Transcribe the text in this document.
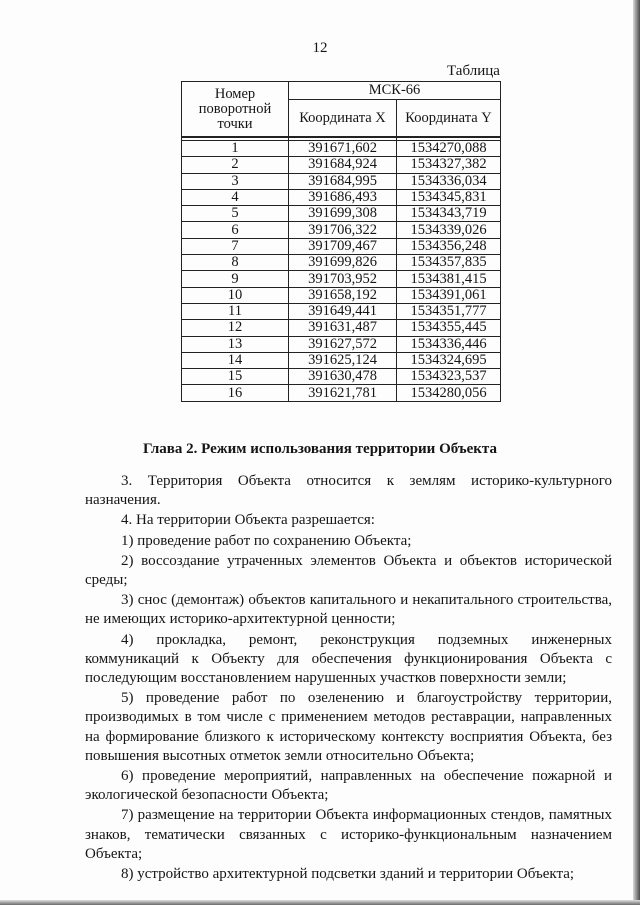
12
Таблица
Номер поворотной точки	МСК-66	
	Координата X	Координата Y

1	391671,602	1534270,088
2	391684,924	1534327,382
3	391684,995	1534336,034
4	391686,493	1534345,831
5	391699,308	1534343,719
6	391706,322	1534339,026
7	391709,467	1534356,248
8	391699,826	1534357,835
9	391703,952	1534381,415
10	391658,192	1534391,061
11	391649,441	1534351,777
12	391631,487	1534355,445
13	391627,572	1534336,446
14	391625,124	1534324,695
15	391630,478	1534323,537
16	391621,781	1534280,056
Глава 2. Режим использования территории Объекта

3. Территория Объекта относится к землям историко-культурного назначения.

4. На территории Объекта разрешается:

1) проведение работ по сохранению Объекта;

2) воссоздание утраченных элементов Объекта и объектов исторической среды;

3) снос (демонтаж) объектов капитального и некапитального строительства, не имеющих историко-архитектурной ценности;

4) прокладка, ремонт, реконструкция подземных инженерных коммуникаций к Объекту для обеспечения функционирования Объекта с последующим восстановлением нарушенных участков поверхности земли;

5) проведение работ по озеленению и благоустройству территории, производимых в том числе с применением методов реставрации, направленных на формирование близкого к историческому контексту восприятия Объекта, без повышения высотных отметок земли относительно Объекта;

6) проведение мероприятий, направленных на обеспечение пожарной и экологической безопасности Объекта;

7) размещение на территории Объекта информационных стендов, памятных знаков, тематически связанных с историко-функциональным назначением Объекта;

8) устройство архитектурной подсветки зданий и территории Объекта;
